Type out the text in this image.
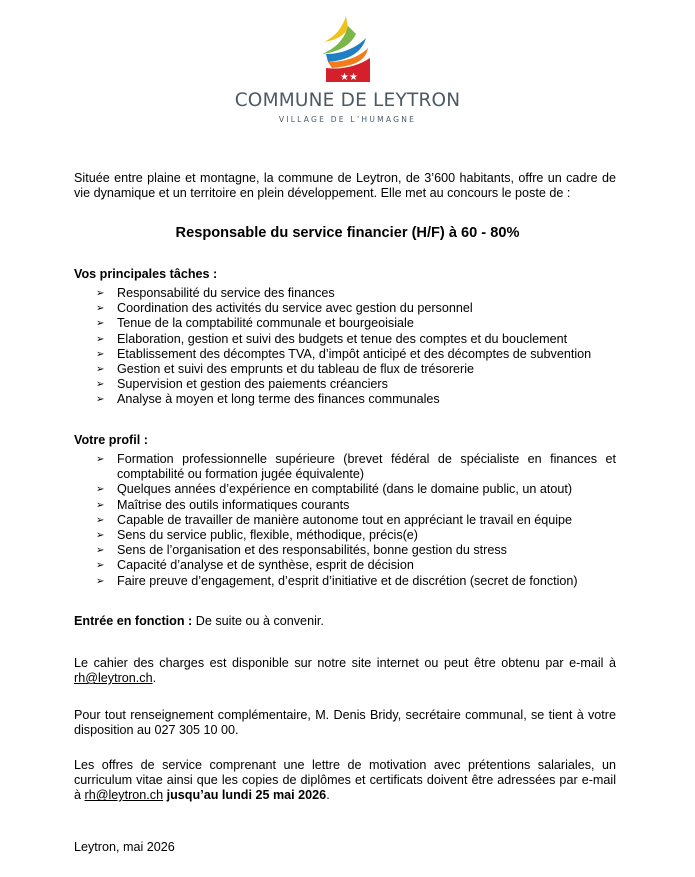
★★
COMMUNE DE LEYTRON
VILLAGE DE L’HUMAGNE
Située entre plaine et montagne, la commune de Leytron, de 3’600 habitants, offre un cadre de vie dynamique et un territoire en plein développement. Elle met au concours le poste de :
Responsable du service financier (H/F) à 60 - 80%
Vos principales tâches :
➢ Responsabilité du service des finances
➢ Coordination des activités du service avec gestion du personnel
➢ Tenue de la comptabilité communale et bourgeoisiale
➢ Elaboration, gestion et suivi des budgets et tenue des comptes et du bouclement
➢ Etablissement des décomptes TVA, d’impôt anticipé et des décomptes de subvention
➢ Gestion et suivi des emprunts et du tableau de flux de trésorerie
➢ Supervision et gestion des paiements créanciers
➢ Analyse à moyen et long terme des finances communales
Votre profil :
➢ Formation professionnelle supérieure (brevet fédéral de spécialiste en finances et comptabilité ou formation jugée équivalente)
➢ Quelques années d’expérience en comptabilité (dans le domaine public, un atout)
➢ Maîtrise des outils informatiques courants
➢ Capable de travailler de manière autonome tout en appréciant le travail en équipe
➢ Sens du service public, flexible, méthodique, précis(e)
➢ Sens de l’organisation et des responsabilités, bonne gestion du stress
➢ Capacité d’analyse et de synthèse, esprit de décision
➢ Faire preuve d’engagement, d’esprit d’initiative et de discrétion (secret de fonction)
Entrée en fonction : De suite ou à convenir.
Le cahier des charges est disponible sur notre site internet ou peut être obtenu par e-mail à rh@leytron.ch.
Pour tout renseignement complémentaire, M. Denis Bridy, secrétaire communal, se tient à votre disposition au 027 305 10 00.
Les offres de service comprenant une lettre de motivation avec prétentions salariales, un curriculum vitae ainsi que les copies de diplômes et certificats doivent être adressées par e-mail à rh@leytron.ch jusqu’au lundi 25 mai 2026.
Leytron, mai 2026
